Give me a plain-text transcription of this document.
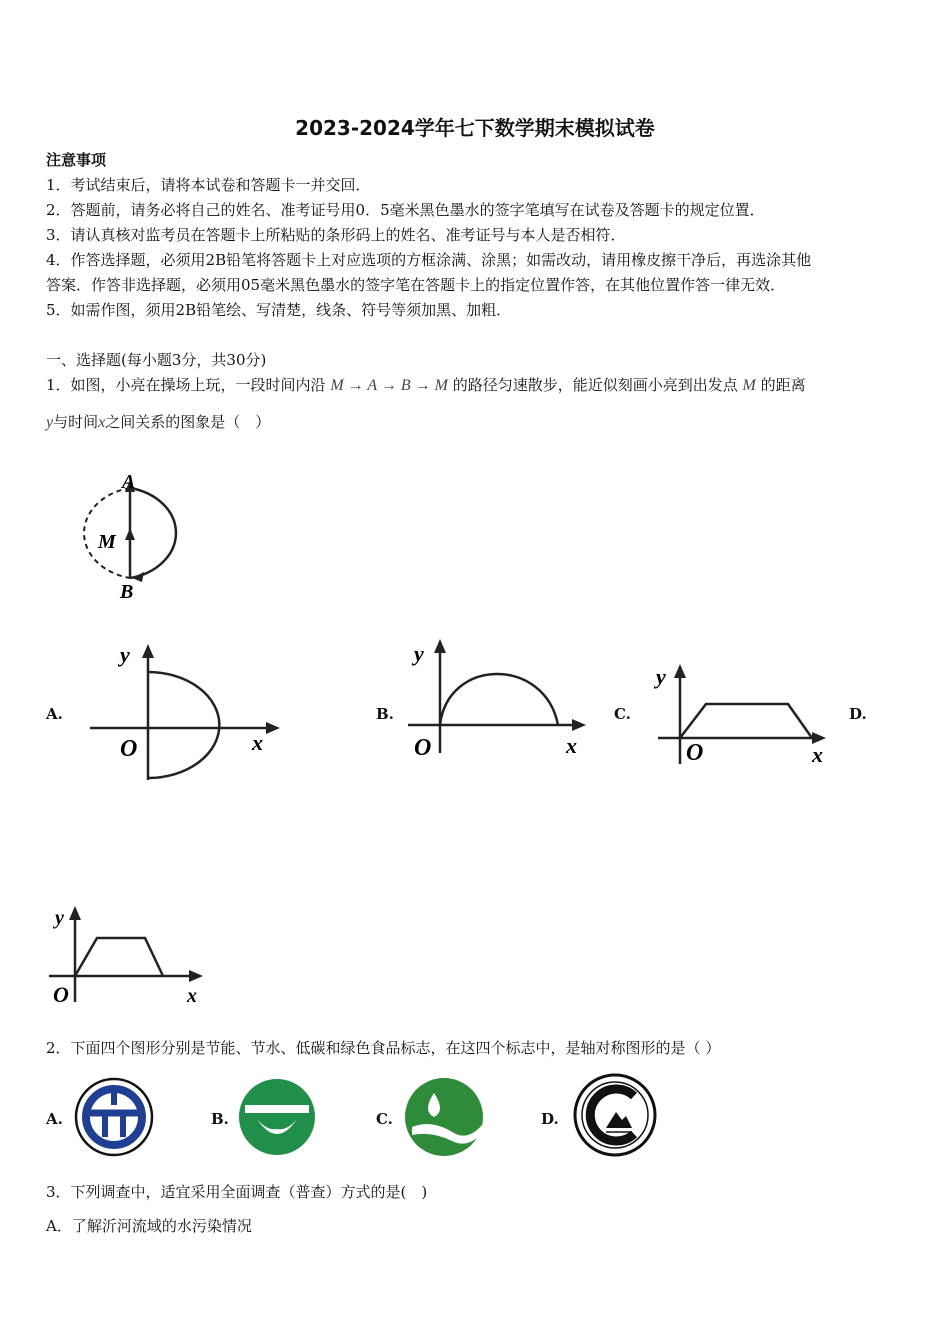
2023-2024学年七下数学期末模拟试卷
注意事项
1．考试结束后，请将本试卷和答题卡一并交回．
2．答题前，请务必将自己的姓名、准考证号用0．5毫米黑色墨水的签字笔填写在试卷及答题卡的规定位置．
3．请认真核对监考员在答题卡上所粘贴的条形码上的姓名、准考证号与本人是否相符．
4．作答选择题，必须用2B铅笔将答题卡上对应选项的方框涂满、涂黑；如需改动，请用橡皮擦干净后，再选涂其他
答案．作答非选择题，必须用05毫米黑色墨水的签字笔在答题卡上的指定位置作答，在其他位置作答一律无效．
5．如需作图，须用2B铅笔绘、写清楚，线条、符号等须加黑、加粗．
一、选择题(每小题3分，共30分)
1．如图，小亮在操场上玩，一段时间内沿 M → A → B → M 的路径匀速散步，能近似刻画小亮到出发点 M 的距离
y与时间x之间关系的图象是（　）
A
M
B
A.
y
O	x
B.
y
O	x
C.
y
O	x
D.
y
O	x
2．下面四个图形分别是节能、节水、低碳和绿色食品标志，在这四个标志中，是轴对称图形的是（ ）
A.	B.	C.	D.
3．下列调查中，适宜采用全面调查（普查）方式的是(　)
A．了解沂河流域的水污染情况
